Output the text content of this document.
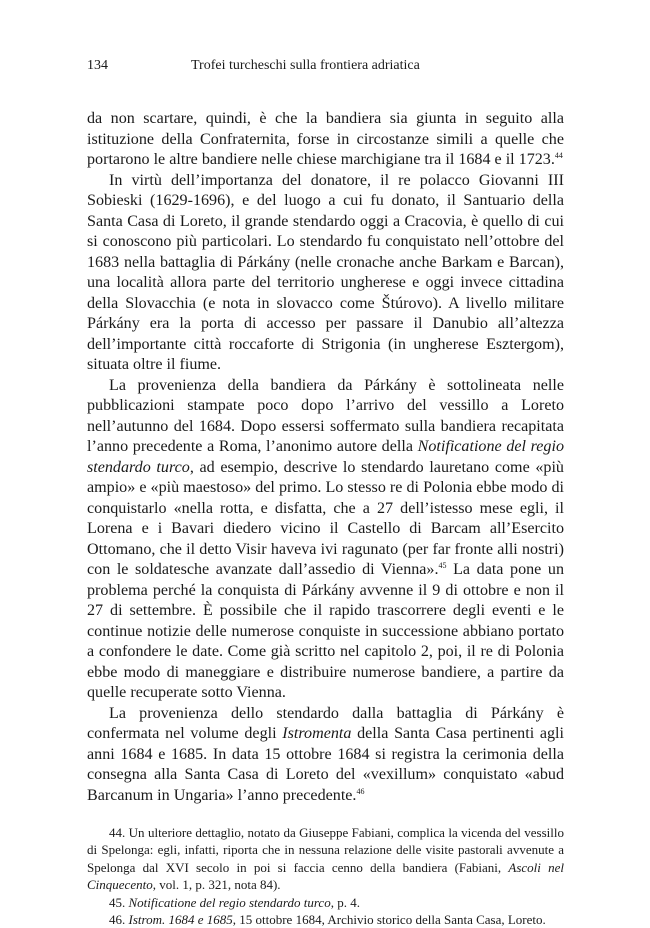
134	Trofei turcheschi sulla frontiera adriatica

da non scartare, quindi, è che la bandiera sia giunta in seguito alla istituzione della Confraternita, forse in circostanze simili a quelle che portarono le altre bandiere nelle chiese marchigiane tra il 1684 e il 1723.44

In virtù dell’importanza del donatore, il re polacco Giovanni III Sobieski (1629-1696), e del luogo a cui fu donato, il Santuario della Santa Casa di Loreto, il grande stendardo oggi a Cracovia, è quello di cui si conoscono più particolari. Lo stendardo fu conquistato nell’ottobre del 1683 nella battaglia di Párkány (nelle cronache anche Barkam e Barcan), una località allora parte del territorio ungherese e oggi invece cittadina della Slovacchia (e nota in slovacco come Štúrovo). A livello militare Párkány era la porta di accesso per passare il Danubio all’altezza dell’importante città roccaforte di Strigonia (in ungherese Esztergom), situata oltre il fiume.

La provenienza della bandiera da Párkány è sottolineata nelle pubblicazioni stampate poco dopo l’arrivo del vessillo a Loreto nell’autunno del 1684. Dopo essersi soffermato sulla bandiera recapitata l’anno precedente a Roma, l’anonimo autore della Notificatione del regio stendardo turco, ad esempio, descrive lo stendardo lauretano come «più ampio» e «più maestoso» del primo. Lo stesso re di Polonia ebbe modo di conquistarlo «nella rotta, e disfatta, che a 27 dell’istesso mese egli, il Lorena e i Bavari diedero vicino il Castello di Barcam all’Esercito Ottomano, che il detto Visir haveva ivi ragunato (per far fronte alli nostri) con le soldatesche avanzate dall’assedio di Vienna».$^{45}$ La data pone un problema perché la conquista di Párkány avvenne il 9 di ottobre e non il 27 di settembre. È possibile che il rapido trascorrere degli eventi e le continue notizie delle numerose conquiste in successione abbiano portato a confondere le date. Come già scritto nel capitolo 2, poi, il re di Polonia ebbe modo di maneggiare e distribuire numerose bandiere, a partire da quelle recuperate sotto Vienna.

La provenienza dello stendardo dalla battaglia di Párkány è confermata nel volume degli Istromenta della Santa Casa pertinenti agli anni 1684 e 1685. In data 15 ottobre 1684 si registra la cerimonia della consegna alla Santa Casa di Loreto del «vexillum» conquistato «abud Barcanum in Ungaria» l’anno precedente.$^{46}$

44. Un ulteriore dettaglio, notato da Giuseppe Fabiani, complica la vicenda del vessillo di Spelonga: egli, infatti, riporta che in nessuna relazione delle visite pastorali avvenute a Spelonga dal XVI secolo in poi si faccia cenno della bandiera (Fabiani, Ascoli nel Cinquecento, vol. 1, p. 321, nota 84).

45. Notificatione del regio stendardo turco, p. 4.

46. Istrom. 1684 e 1685, 15 ottobre 1684, Archivio storico della Santa Casa, Loreto.
